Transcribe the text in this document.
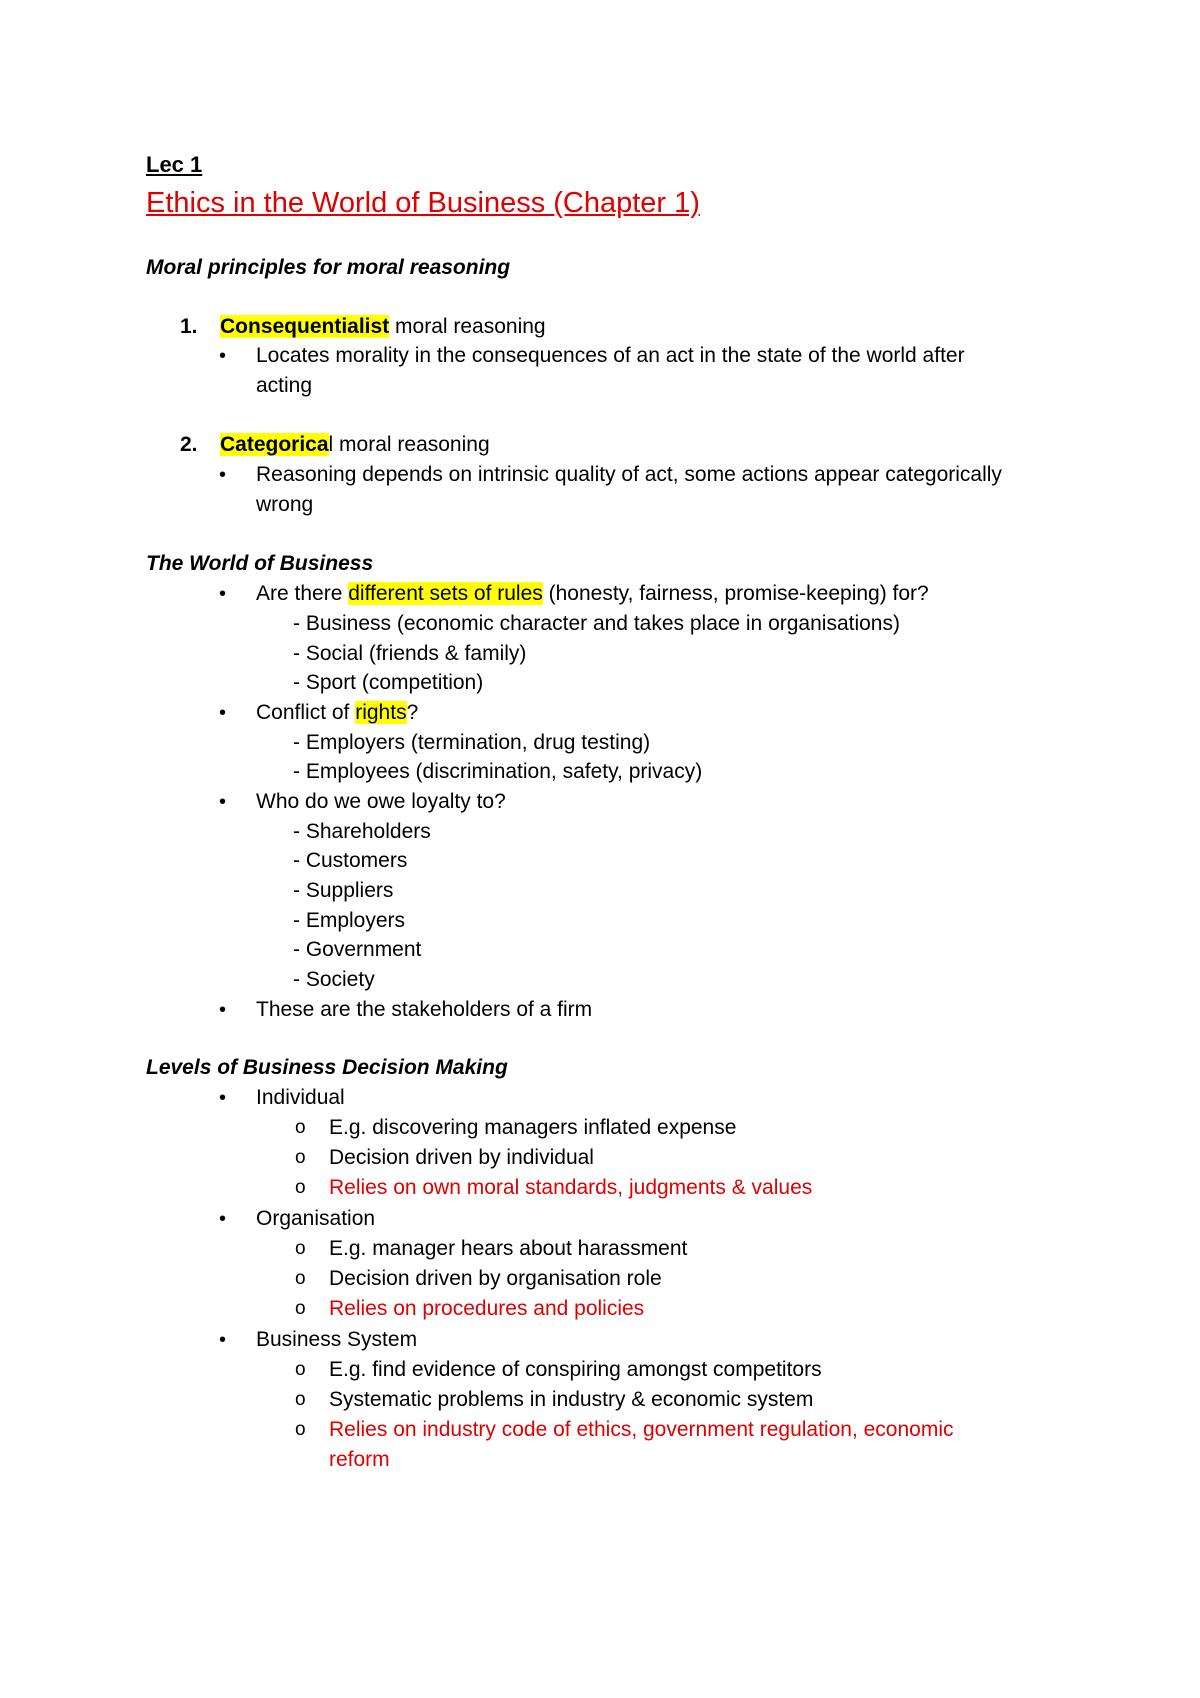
Lec 1
Ethics in the World of Business (Chapter 1)
Moral principles for moral reasoning
1. Consequentialist moral reasoning
• Locates morality in the consequences of an act in the state of the world after
acting
2. Categorical moral reasoning
• Reasoning depends on intrinsic quality of act, some actions appear categorically
wrong
The World of Business
• Are there different sets of rules (honesty, fairness, promise-keeping) for?
- Business (economic character and takes place in organisations)
- Social (friends & family)
- Sport (competition)
• Conflict of rights?
- Employers (termination, drug testing)
- Employees (discrimination, safety, privacy)
• Who do we owe loyalty to?
- Shareholders
- Customers
- Suppliers
- Employers
- Government
- Society
• These are the stakeholders of a firm
Levels of Business Decision Making
• Individual
o E.g. discovering managers inflated expense
o Decision driven by individual
o Relies on own moral standards, judgments & values
• Organisation
o E.g. manager hears about harassment
o Decision driven by organisation role
o Relies on procedures and policies
• Business System
o E.g. find evidence of conspiring amongst competitors
o Systematic problems in industry & economic system
o Relies on industry code of ethics, government regulation, economic
reform
